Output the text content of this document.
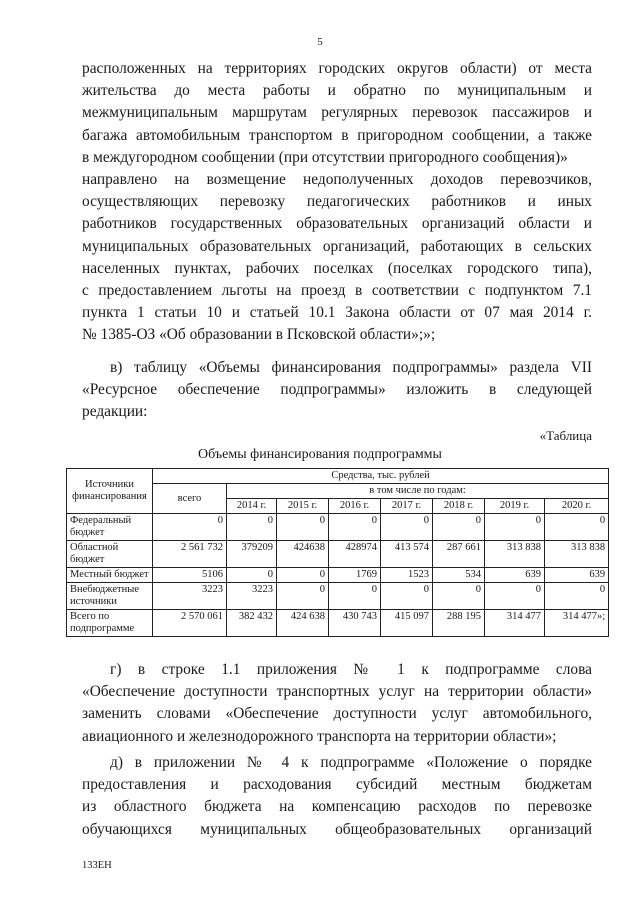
5
расположенных на территориях городских округов области) от места
жительства до места работы и обратно по муниципальным и
межмуниципальным маршрутам регулярных перевозок пассажиров и
багажа автомобильным транспортом в пригородном сообщении, а также
в междугородном сообщении (при отсутствии пригородного сообщения)»
направлено на возмещение недополученных доходов перевозчиков,
осуществляющих перевозку педагогических работников и иных
работников государственных образовательных организаций области и
муниципальных образовательных организаций, работающих в сельских
населенных пунктах, рабочих поселках (поселках городского типа),
с предоставлением льготы на проезд в соответствии с подпунктом 7.1
пункта 1 статьи 10 и статьей 10.1 Закона области от 07 мая 2014 г.
№ 1385-ОЗ «Об образовании в Псковской области»;»;
в) таблицу «Объемы финансирования подпрограммы» раздела VII
«Ресурсное обеспечение подпрограммы» изложить в следующей
редакции:
«Таблица
Объемы финансирования подпрограммы
Источники финансирования	Средства, тыс. рублей							
	всего	в том числе по годам:						
		2014 г.	2015 г.	2016 г.	2017 г.	2018 г.	2019 г.	2020 г.
Федеральный бюджет	0	0	0	0	0	0	0	0
Областной бюджет	2 561 732	379209	424638	428974	413 574	287 661	313 838	313 838
Местный бюджет	5106	0	0	1769	1523	534	639	639
Внебюджетные источники	3223	3223	0	0	0	0	0	0
Всего по подпрограмме	2 570 061	382 432	424 638	430 743	415 097	288 195	314 477	314 477»;
г) в строке 1.1 приложения № 1 к подпрограмме слова
«Обеспечение доступности транспортных услуг на территории области»
заменить словами «Обеспечение доступности услуг автомобильного,
авиационного и железнодорожного транспорта на территории области»;
д) в приложении № 4 к подпрограмме «Положение о порядке
предоставления и расходования субсидий местным бюджетам
из областного бюджета на компенсацию расходов по перевозке
обучающихся муниципальных общеобразовательных организаций
133ЕН
